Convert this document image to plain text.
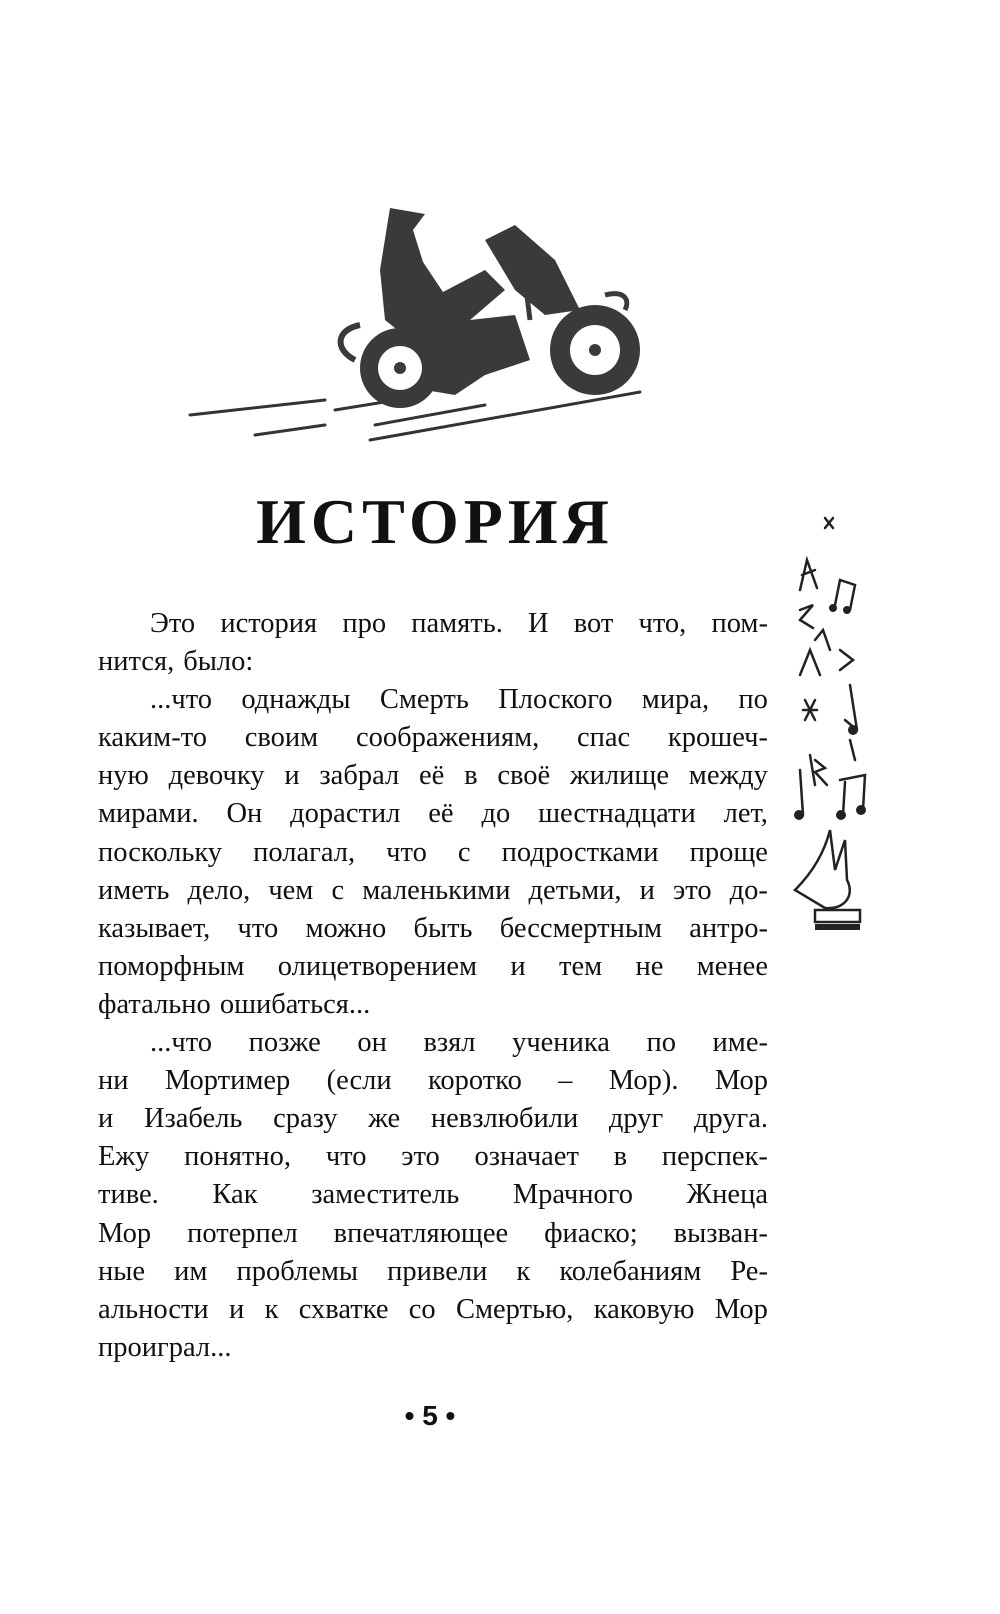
ИСТОРИЯ
Это история про память. И вот что, пом-
нится, было:
...что однажды Смерть Плоского мира, по
каким-то своим соображениям, спас крошеч-
ную девочку и забрал её в своё жилище между
мирами. Он дорастил её до шестнадцати лет,
поскольку полагал, что с подростками проще
иметь дело, чем с маленькими детьми, и это до-
казывает, что можно быть бессмертным антро-
поморфным олицетворением и тем не менее
фатально ошибаться...
...что позже он взял ученика по име-
ни Мортимер (если коротко – Мор). Мор
и Изабель сразу же невзлюбили друг друга.
Ежу понятно, что это означает в перспек-
тиве. Как заместитель Мрачного Жнеца
Мор потерпел впечатляющее фиаско; вызван-
ные им проблемы привели к колебаниям Ре-
альности и к схватке со Смертью, каковую Мор
проиграл...
• 5 •
